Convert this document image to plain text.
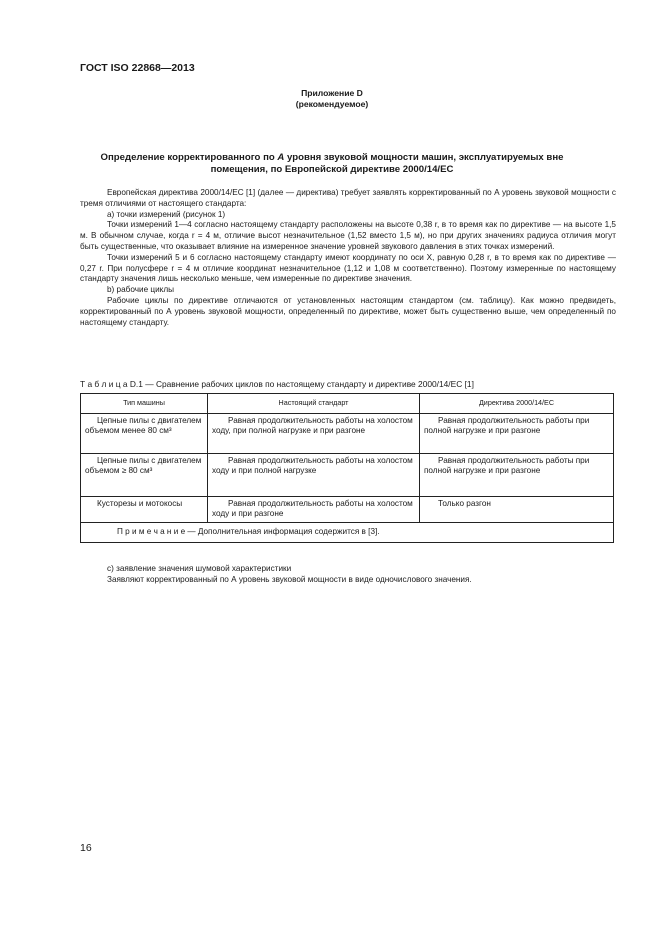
ГОСТ ISO 22868—2013
Приложение D
(рекомендуемое)
Определение корректированного по А уровня звуковой мощности машин, эксплуатируемых вне помещения, по Европейской директиве 2000/14/ЕС

Европейская директива 2000/14/ЕС [1] (далее — директива) требует заявлять корректированный по А уровень звуковой мощности с тремя отличиями от настоящего стандарта:

а) точки измерений (рисунок 1)

Точки измерений 1—4 согласно настоящему стандарту расположены на высоте 0,38 r, в то время как по директиве — на высоте 1,5 м. В обычном случае, когда r = 4 м, отличие высот незначительное (1,52 вместо 1,5 м), но при других значениях радиуса отличия могут быть существенные, что оказывает влияние на измеренное значение уровней звукового давления в этих точках измерений.

Точки измерений 5 и 6 согласно настоящему стандарту имеют координату по оси X, равную 0,28 r, в то время как по директиве — 0,27 r. При полусфере r = 4 м отличие координат незначительное (1,12 и 1,08 м соответственно). Поэтому измеренные по настоящему стандарту значения лишь несколько меньше, чем измеренные по директиве значения.

b) рабочие циклы

Рабочие циклы по директиве отличаются от установленных настоящим стандартом (см. таблицу). Как можно предвидеть, корректированный по А уровень звуковой мощности, определенный по директиве, может быть существенно выше, чем определенный по настоящему стандарту.

Т а б л и ц а D.1 — Сравнение рабочих циклов по настоящему стандарту и директиве 2000/14/ЕС [1]
Тип машины	Настоящий стандарт	Директива 2000/14/ЕС
Цепные пилы с двигателем объемом менее 80 см³	Равная продолжительность работы на холостом ходу, при полной нагрузке и при разгоне	Равная продолжительность работы при полной нагрузке и при разгоне
Цепные пилы с двигателем объемом ≥ 80 см³	Равная продолжительность работы на холостом ходу и при полной нагрузке	Равная продолжительность работы при полной нагрузке и при разгоне
Кусторезы и мотокосы	Равная продолжительность работы на холостом ходу и при разгоне	Только разгон
П р и м е ч а н и е — Дополнительная информация содержится в [3].		

с) заявление значения шумовой характеристики

Заявляют корректированный по А уровень звуковой мощности в виде одночислового значения.

16
